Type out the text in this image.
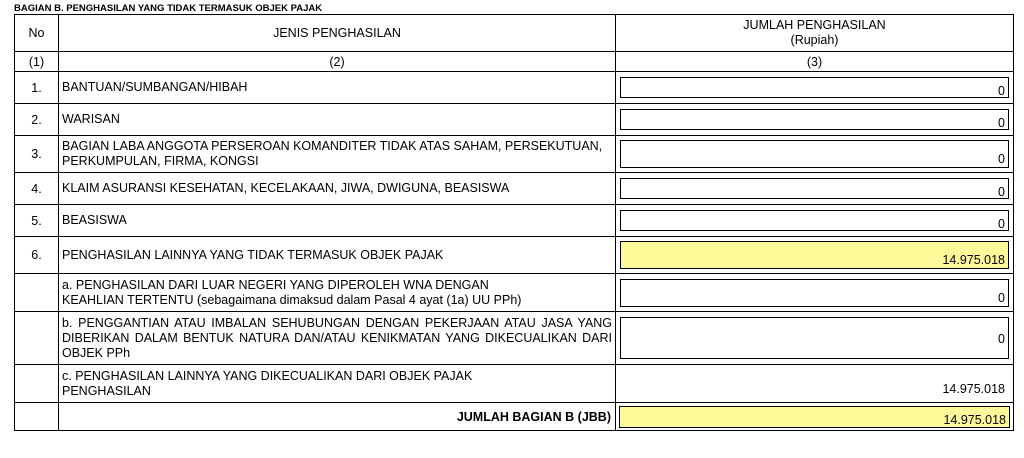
BAGIAN B. PENGHASILAN YANG TIDAK TERMASUK OBJEK PAJAK
No	JENIS PENGHASILAN	JUMLAH PENGHASILAN
(Rupiah)

(1)	(2)	(3)
1.	BANTUAN/SUMBANGAN/HIBAH	0

2.	WARISAN	0

3.	BAGIAN LABA ANGGOTA PERSEROAN KOMANDITER TIDAK ATAS SAHAM, PERSEKUTUAN, PERKUMPULAN, FIRMA, KONGSI	0

4.	KLAIM ASURANSI KESEHATAN, KECELAKAAN, JIWA, DWIGUNA, BEASISWA	0

5.	BEASISWA	0

6.	PENGHASILAN LAINNYA YANG TIDAK TERMASUK OBJEK PAJAK	14.975.018

	a. PENGHASILAN DARI LUAR NEGERI YANG DIPEROLEH WNA DENGAN
KEAHLIAN TERTENTU (sebagaimana dimaksud dalam Pasal 4 ayat (1a) UU PPh)	0

	b. PENGGANTIAN ATAU IMBALAN SEHUBUNGAN DENGAN PEKERJAAN ATAU JASA YANG DIBERIKAN DALAM BENTUK NATURA DAN/ATAU KENIKMATAN YANG DIKECUALIKAN DARI OBJEK PPh	0

	c. PENGHASILAN LAINNYA YANG DIKECUALIKAN DARI OBJEK PAJAK
PENGHASILAN	14.975.018
	JUMLAH BAGIAN B (JBB)	14.975.018
